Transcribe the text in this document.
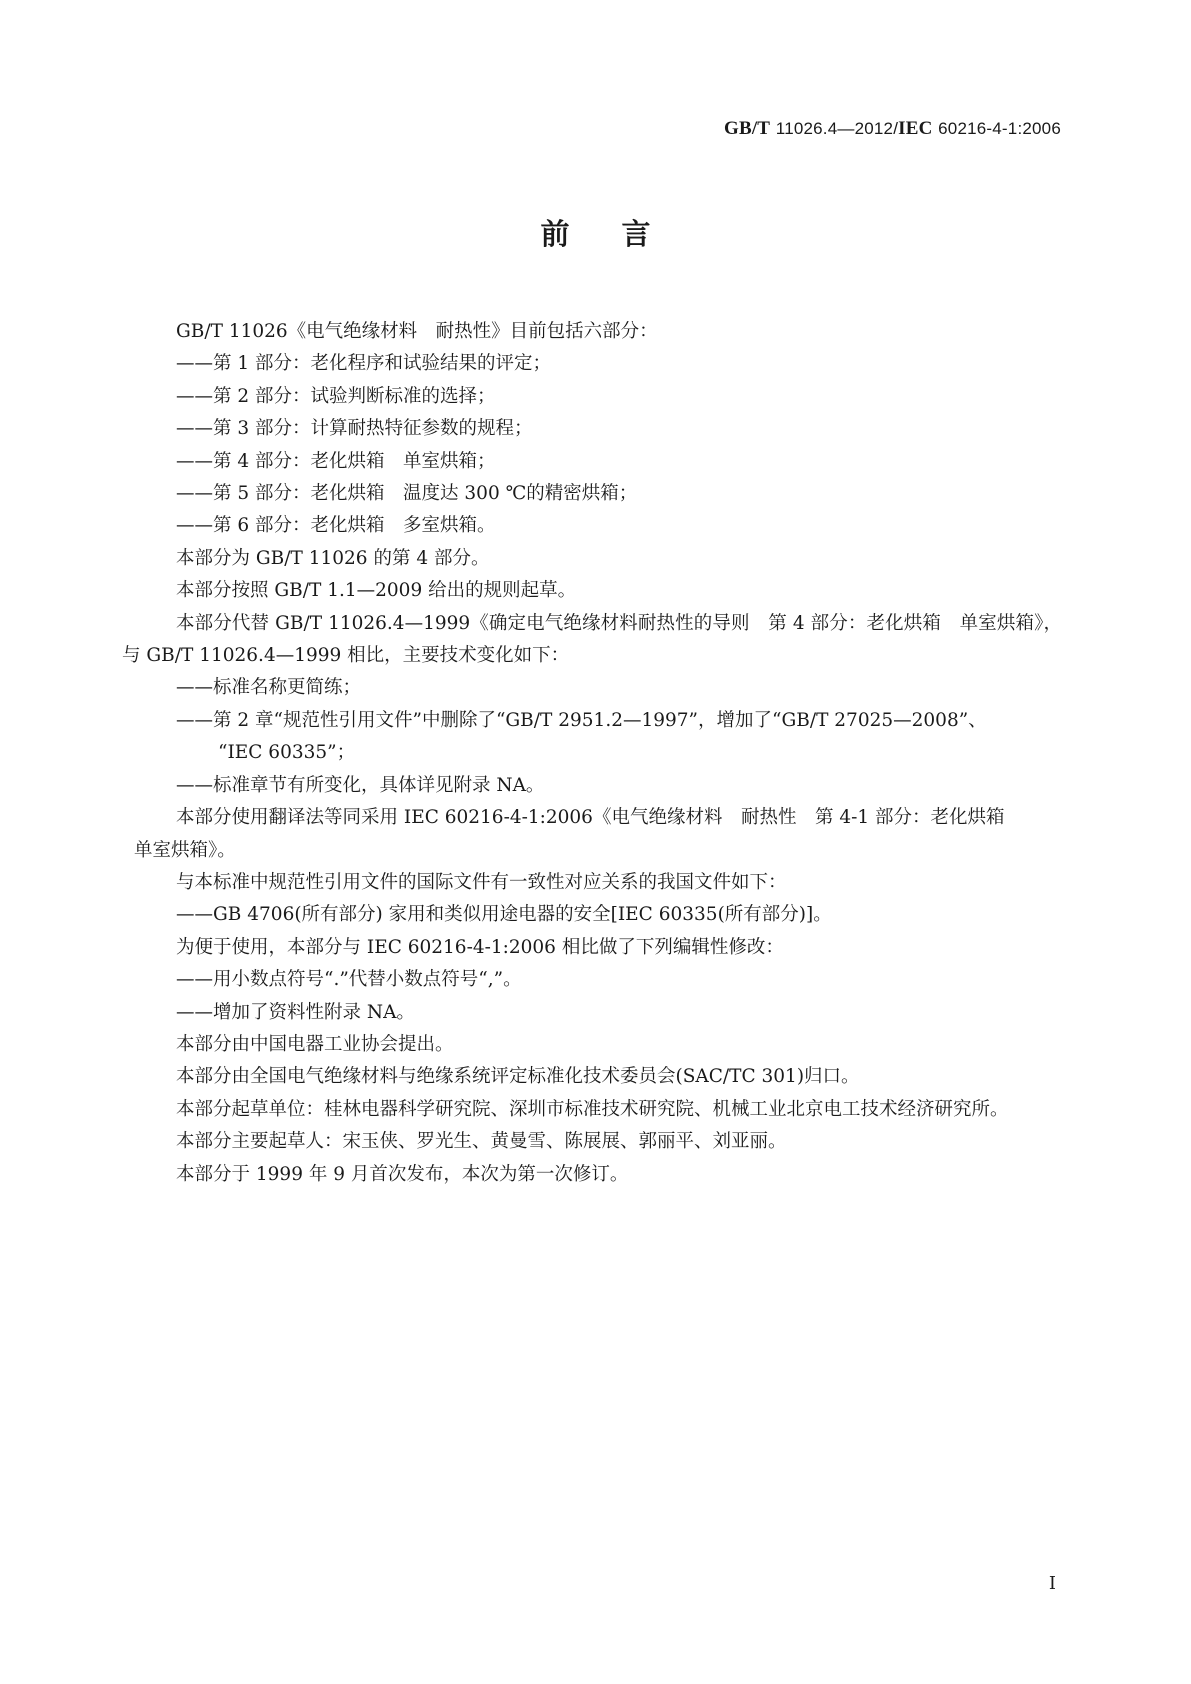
GB/T 11026.4—2012/IEC 60216-4-1:2006
前言

GB/T 11026《电气绝缘材料　耐热性》目前包括六部分：

——第 1 部分：老化程序和试验结果的评定；

——第 2 部分：试验判断标准的选择；

——第 3 部分：计算耐热特征参数的规程；

——第 4 部分：老化烘箱　单室烘箱；

——第 5 部分：老化烘箱　温度达 300 ℃的精密烘箱；

——第 6 部分：老化烘箱　多室烘箱。

本部分为 GB/T 11026 的第 4 部分。

本部分按照 GB/T 1.1—2009 给出的规则起草。

本部分代替 GB/T 11026.4—1999《确定电气绝缘材料耐热性的导则　第 4 部分：老化烘箱　单室烘箱》，与 GB/T 11026.4—1999 相比，主要技术变化如下：

——标准名称更简练；

——第 2 章“规范性引用文件”中删除了“GB/T 2951.2—1997”，增加了“GB/T 27025—2008”、

“IEC 60335”；

——标准章节有所变化，具体详见附录 NA。

本部分使用翻译法等同采用 IEC 60216-4-1:2006《电气绝缘材料　耐热性　第 4-1 部分：老化烘箱

单室烘箱》。

与本标准中规范性引用文件的国际文件有一致性对应关系的我国文件如下：

——GB 4706(所有部分) 家用和类似用途电器的安全[IEC 60335(所有部分)]。

为便于使用，本部分与 IEC 60216-4-1:2006 相比做了下列编辑性修改：

——用小数点符号“.”代替小数点符号“,”。

——增加了资料性附录 NA。

本部分由中国电器工业协会提出。

本部分由全国电气绝缘材料与绝缘系统评定标准化技术委员会(SAC/TC 301)归口。

本部分起草单位：桂林电器科学研究院、深圳市标准技术研究院、机械工业北京电工技术经济研究所。

本部分主要起草人：宋玉侠、罗光生、黄曼雪、陈展展、郭丽平、刘亚丽。

本部分于 1999 年 9 月首次发布，本次为第一次修订。

I
